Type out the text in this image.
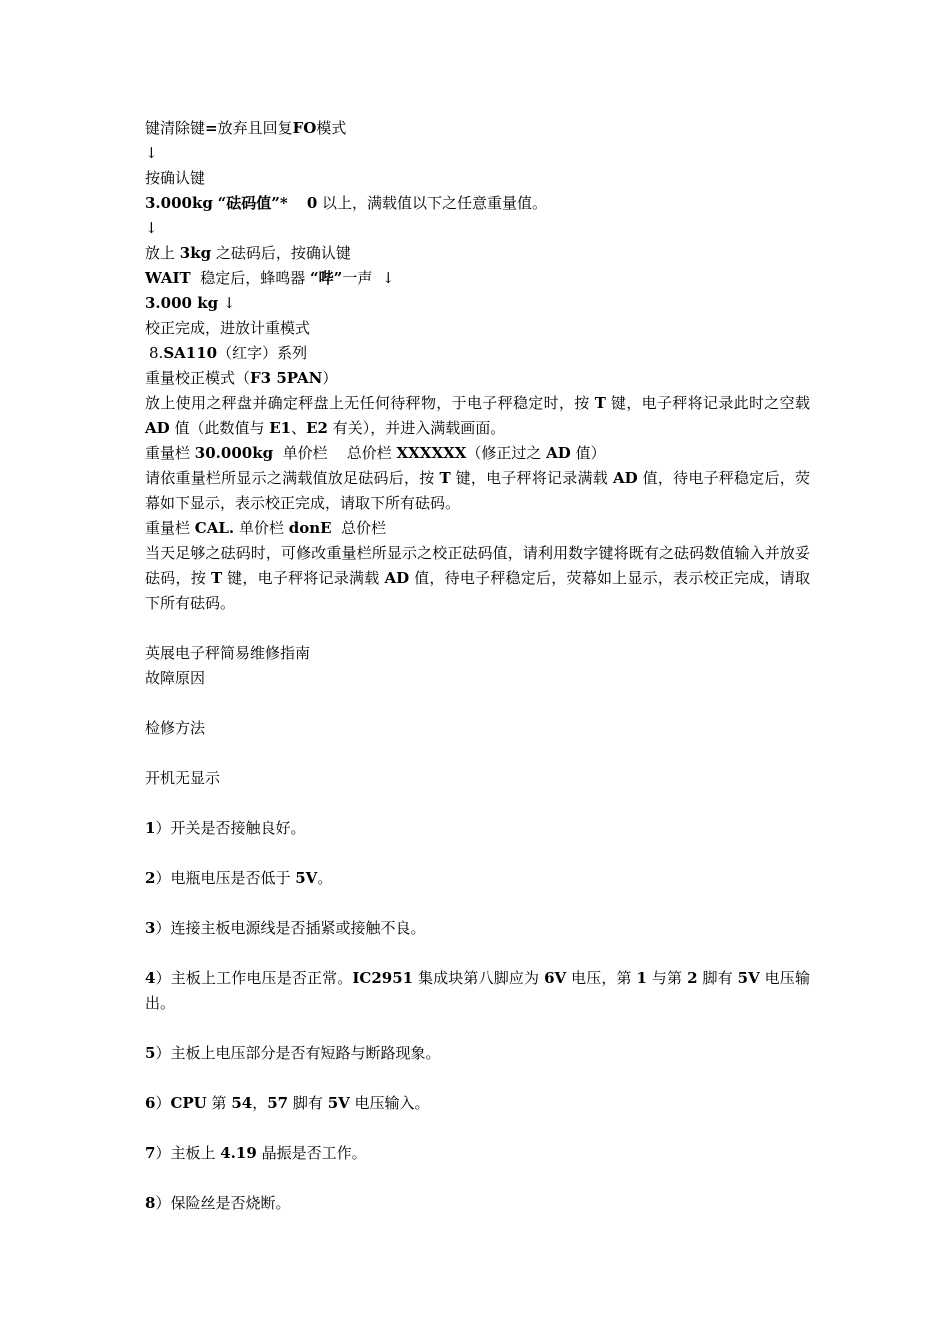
键清除键=放弃且回复FO模式
↓
按确认键
3.000kg “砝码值”* 0 以上，满载值以下之任意重量值。
↓
放上 3kg 之砝码后，按确认键
WAIT 稳定后，蜂鸣器 “哔”一声 ↓
3.000 kg ↓
校正完成，进放计重模式
8.SA110（红字）系列
重量校正模式（F3 5PAN）
放上使用之秤盘并确定秤盘上无任何待秤物，于电子秤稳定时，按 T 键，电子秤将记录此时之空载 AD 值（此数值与 E1、E2 有关），并进入满载画面。
重量栏 30.000kg 单价栏 总价栏 XXXXXX（修正过之 AD 值）
请依重量栏所显示之满载值放足砝码后，按 T 键，电子秤将记录满载 AD 值，待电子秤稳定后，荧幕如下显示，表示校正完成，请取下所有砝码。
重量栏 CAL. 单价栏 donE 总价栏
当天足够之砝码时，可修改重量栏所显示之校正砝码值，请利用数字键将既有之砝码数值输入并放妥砝码，按 T 键，电子秤将记录满载 AD 值，待电子秤稳定后，荧幕如上显示，表示校正完成，请取下所有砝码。
英展电子秤简易维修指南
故障原因
检修方法
开机无显示
1）开关是否接触良好。
2）电瓶电压是否低于 5V。
3）连接主板电源线是否插紧或接触不良。
4）主板上工作电压是否正常。IC2951 集成块第八脚应为 6V 电压，第 1 与第 2 脚有 5V 电压输出。
5）主板上电压部分是否有短路与断路现象。
6）CPU 第 54，57 脚有 5V 电压输入。
7）主板上 4.19 晶振是否工作。
8）保险丝是否烧断。
